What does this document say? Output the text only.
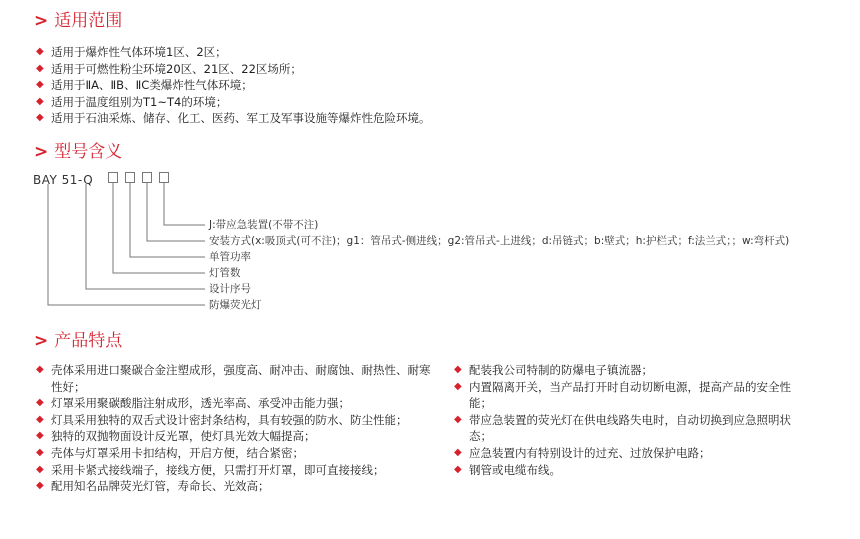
> 适用范围
◆ 适用于爆炸性气体环境1区、2区；
◆ 适用于可燃性粉尘环境20区、21区、22区场所；
◆ 适用于ⅡA、ⅡB、ⅡC类爆炸性气体环境；
◆ 适用于温度组别为T1~T4的环境；
◆ 适用于石油采炼、储存、化工、医药、军工及军事设施等爆炸性危险环境。
> 型号含义
BAY 51-Q
J:带应急装置(不带不注)
安装方式(x:吸顶式(可不注)；g1：管吊式-侧进线；g2:管吊式-上进线；d:吊链式；b:壁式；h:护栏式；f:法兰式；；w:弯杆式)
单管功率
灯管数
设计序号
防爆荧光灯
> 产品特点
◆ 壳体采用进口聚碳合金注塑成形，强度高、耐冲击、耐腐蚀、耐热性、耐寒性好；
◆ 灯罩采用聚碳酸脂注射成形，透光率高、承受冲击能力强；
◆ 灯具采用独特的双舌式设计密封条结构，具有较强的防水、防尘性能；
◆ 独特的双抛物面设计反光罩，使灯具光效大幅提高；
◆ 壳体与灯罩采用卡扣结构，开启方便，结合紧密；
◆ 采用卡紧式接线端子，接线方便，只需打开灯罩，即可直接接线；
◆ 配用知名品牌荧光灯管，寿命长、光效高；
◆ 配装我公司特制的防爆电子镇流器；
◆ 内置隔离开关，当产品打开时自动切断电源，提高产品的安全性能；
◆ 带应急装置的荧光灯在供电线路失电时，自动切换到应急照明状态；
◆ 应急装置内有特别设计的过充、过放保护电路；
◆ 钢管或电缆布线。
